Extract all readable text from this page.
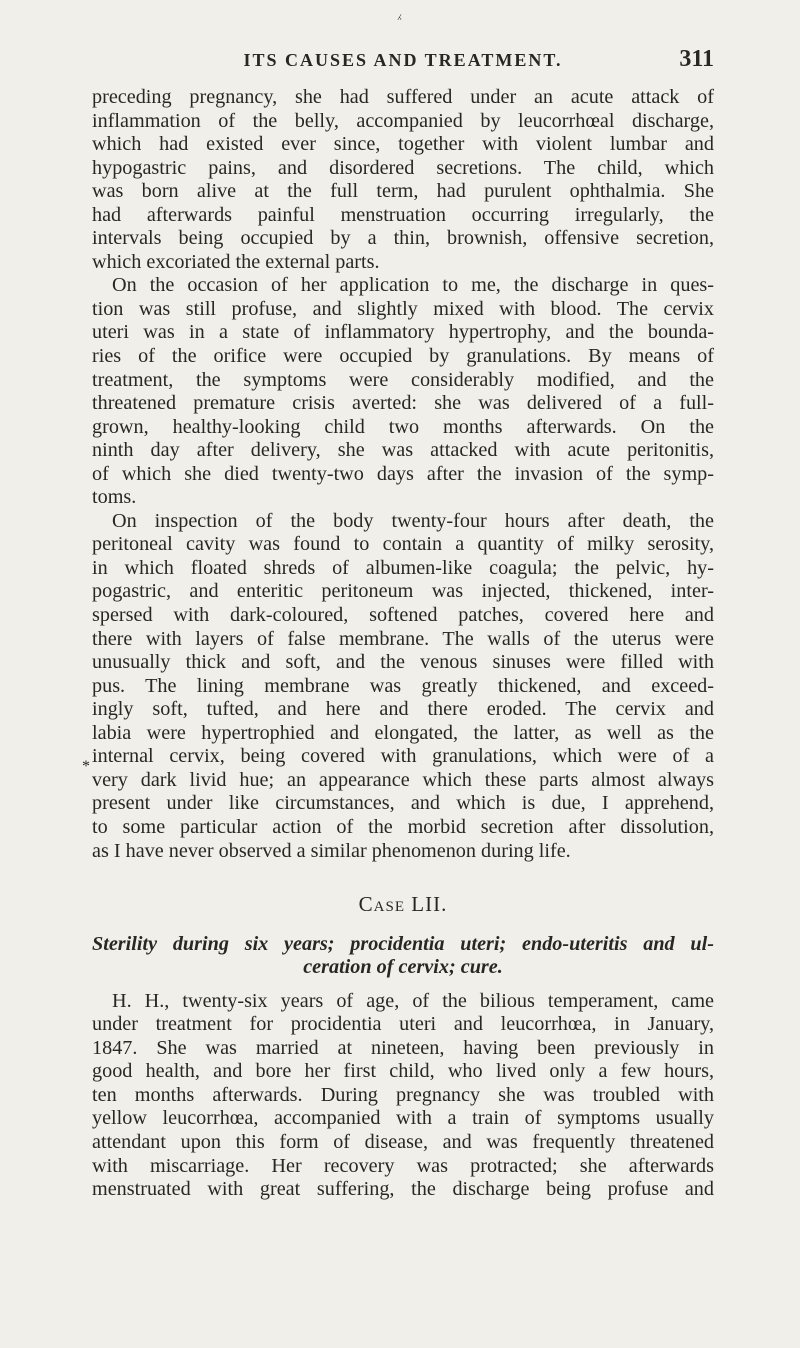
⁁
ITS CAUSES AND TREATMENT.	311
*
preceding pregnancy, she had suffered under an acute attack of
inflammation of the belly, accompanied by leucorrhœal discharge,
which had existed ever since, together with violent lumbar and
hypogastric pains, and disordered secretions. The child, which
was born alive at the full term, had purulent ophthalmia. She
had afterwards painful menstruation occurring irregularly, the
intervals being occupied by a thin, brownish, offensive secretion,
which excoriated the external parts.
On the occasion of her application to me, the discharge in ques-
tion was still profuse, and slightly mixed with blood. The cervix
uteri was in a state of inflammatory hypertrophy, and the bounda-
ries of the orifice were occupied by granulations. By means of
treatment, the symptoms were considerably modified, and the
threatened premature crisis averted: she was delivered of a full-
grown, healthy-looking child two months afterwards. On the
ninth day after delivery, she was attacked with acute peritonitis,
of which she died twenty-two days after the invasion of the symp-
toms.
On inspection of the body twenty-four hours after death, the
peritoneal cavity was found to contain a quantity of milky serosity,
in which floated shreds of albumen-like coagula; the pelvic, hy-
pogastric, and enteritic peritoneum was injected, thickened, inter-
spersed with dark-coloured, softened patches, covered here and
there with layers of false membrane. The walls of the uterus were
unusually thick and soft, and the venous sinuses were filled with
pus. The lining membrane was greatly thickened, and exceed-
ingly soft, tufted, and here and there eroded. The cervix and
labia were hypertrophied and elongated, the latter, as well as the
internal cervix, being covered with granulations, which were of a
very dark livid hue; an appearance which these parts almost always
present under like circumstances, and which is due, I apprehend,
to some particular action of the morbid secretion after dissolution,
as I have never observed a similar phenomenon during life.
Case LII.
Sterility during six years; procidentia uteri; endo-uteritis and ul-
ceration of cervix; cure.
H. H., twenty-six years of age, of the bilious temperament, came
under treatment for procidentia uteri and leucorrhœa, in January,
1847. She was married at nineteen, having been previously in
good health, and bore her first child, who lived only a few hours,
ten months afterwards. During pregnancy she was troubled with
yellow leucorrhœa, accompanied with a train of symptoms usually
attendant upon this form of disease, and was frequently threatened
with miscarriage. Her recovery was protracted; she afterwards
menstruated with great suffering, the discharge being profuse and
